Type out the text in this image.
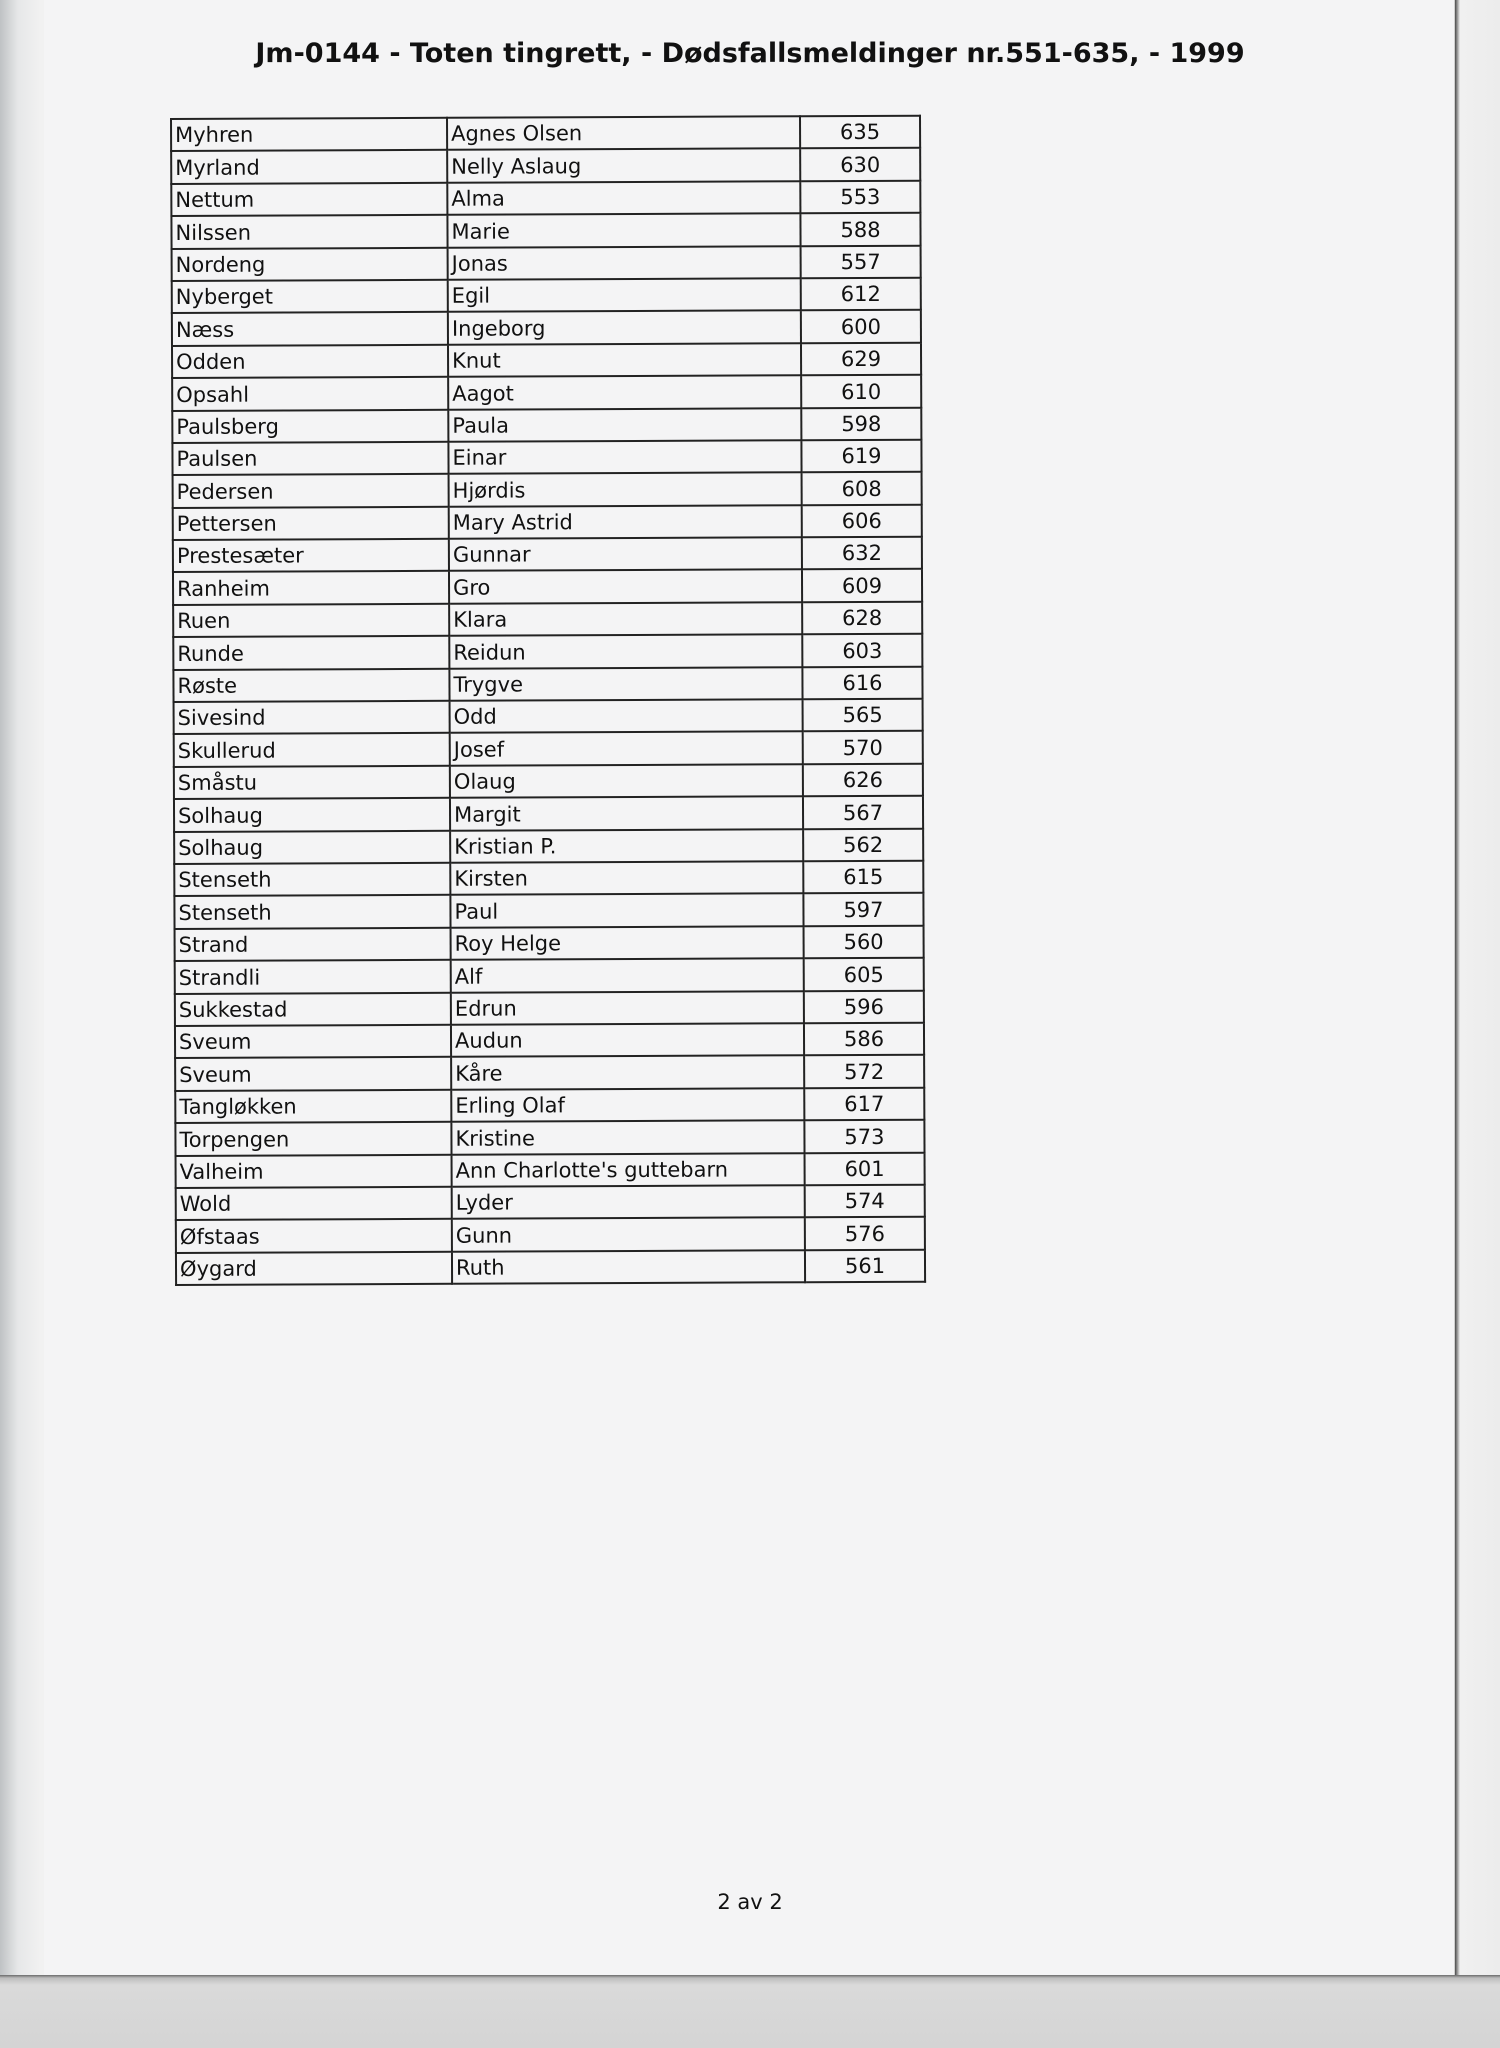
Jm-0144 - Toten tingrett, - Dødsfallsmeldinger nr.551-635, - 1999
Myhren	Agnes Olsen	635
Myrland	Nelly Aslaug	630
Nettum	Alma	553
Nilssen	Marie	588
Nordeng	Jonas	557
Nyberget	Egil	612
Næss	Ingeborg	600
Odden	Knut	629
Opsahl	Aagot	610
Paulsberg	Paula	598
Paulsen	Einar	619
Pedersen	Hjørdis	608
Pettersen	Mary Astrid	606
Prestesæter	Gunnar	632
Ranheim	Gro	609
Ruen	Klara	628
Runde	Reidun	603
Røste	Trygve	616
Sivesind	Odd	565
Skullerud	Josef	570
Småstu	Olaug	626
Solhaug	Margit	567
Solhaug	Kristian P.	562
Stenseth	Kirsten	615
Stenseth	Paul	597
Strand	Roy Helge	560
Strandli	Alf	605
Sukkestad	Edrun	596
Sveum	Audun	586
Sveum	Kåre	572
Tangløkken	Erling Olaf	617
Torpengen	Kristine	573
Valheim	Ann Charlotte's guttebarn	601
Wold	Lyder	574
Øfstaas	Gunn	576
Øygard	Ruth	561
2 av 2
